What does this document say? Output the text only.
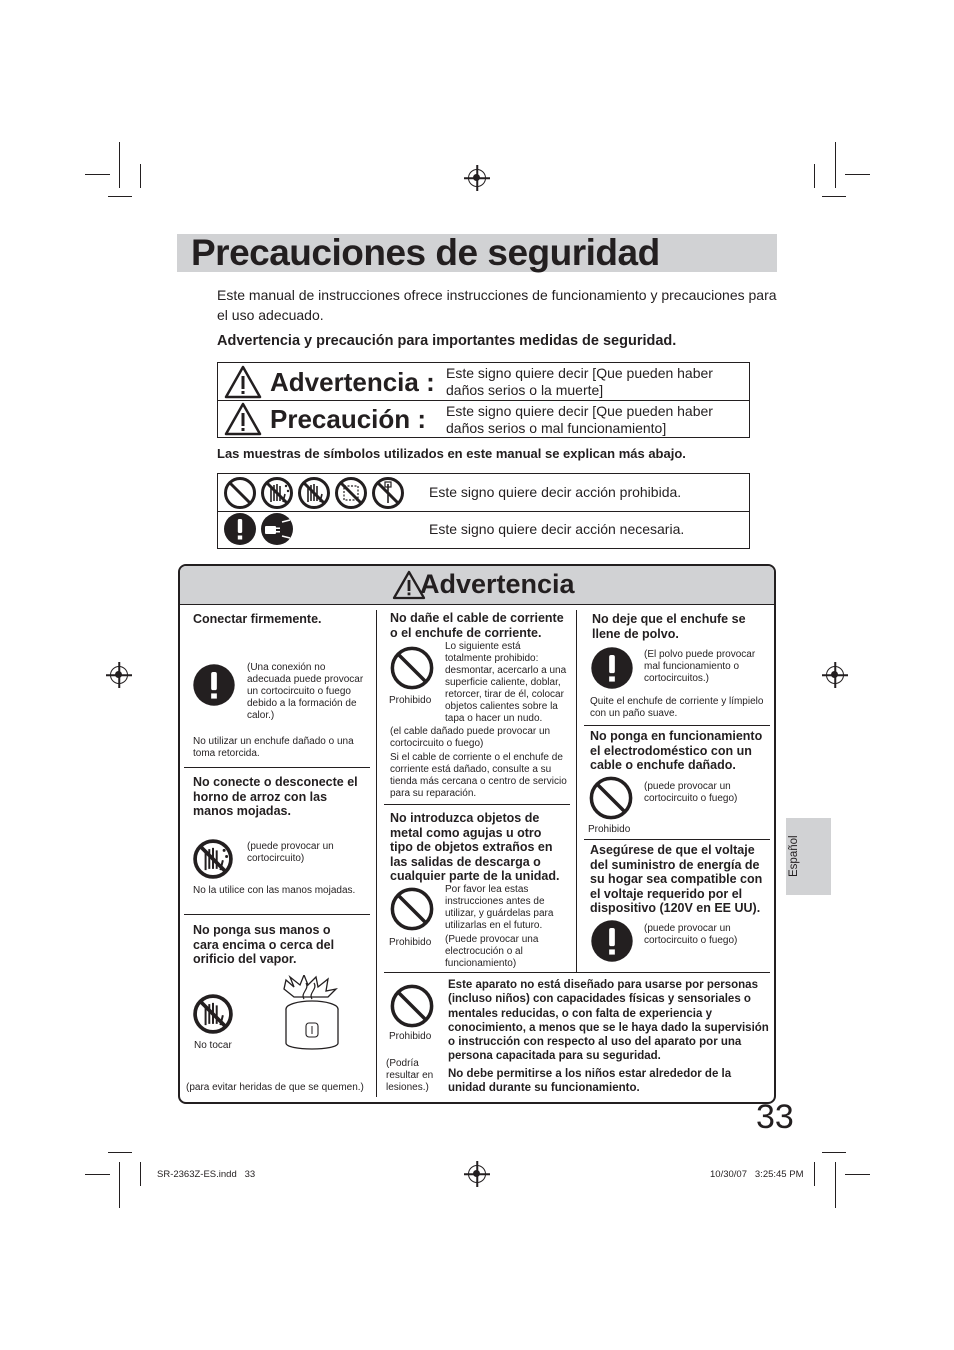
Precauciones de seguridad
Este manual de instrucciones ofrece instrucciones de funcionamiento y precauciones para el uso adecuado.
Advertencia y precaución para importantes medidas de seguridad.
Advertencia : Este signo quiere decir [Que pueden haber daños serios o la muerte]
Precaución : Este signo quiere decir [Que pueden haber daños serios o mal funcionamiento]
Las muestras de símbolos utilizados en este manual se explican más abajo.
Este signo quiere decir acción prohibida.
Este signo quiere decir acción necesaria.
Advertencia
Conectar firmemente.
(Una conexión no adecuada puede provocar un cortocircuito o fuego debido a la formación de calor.)
No utilizar un enchufe dañado o una toma retorcida.
No conecte o desconecte el horno de arroz con las manos mojadas.
(puede provocar un cortocircuito)
No la utilice con las manos mojadas.
No ponga sus manos o cara encima o cerca del orificio del vapor.
No tocar
(para evitar heridas de que se quemen.)
No dañe el cable de corriente o el enchufe de corriente.
Prohibido
Lo siguiente está totalmente prohibido: desmontar, acercarlo a una superficie caliente, doblar, retorcer, tirar de él, colocar objetos calientes sobre la tapa o hacer un nudo.
(el cable dañado puede provocar un cortocircuito o fuego)
Si el cable de corriente o el enchufe de corriente está dañado, consulte a su tienda más cercana o centro de servicio para su reparación.
No introduzca objetos de metal como agujas u otro tipo de objetos extraños en las salidas de descarga o cualquier parte de la unidad.
Prohibido
Por favor lea estas instrucciones antes de utilizar, y guárdelas para utilizarlas en el futuro.
(Puede provocar una electrocución o al funcionamiento)
No deje que el enchufe se llene de polvo.
(El polvo puede provocar mal funcionamiento o cortocircuitos.)
Quite el enchufe de corriente y límpielo con un paño suave.
No ponga en funcionamiento el electrodoméstico con un cable o enchufe dañado.
(puede provocar un cortocircuito o fuego)
Prohibido
Asegúrese de que el voltaje del suministro de energía de su hogar sea compatible con el voltaje requerido por el dispositivo (120V en EE UU).
(puede provocar un cortocircuito o fuego)
Prohibido
(Podría resultar en lesiones.)
Este aparato no está diseñado para usarse por personas (incluso niños) con capacidades físicas y sensoriales o mentales reducidas, o con falta de experiencia y conocimiento, a menos que se le haya dado la supervisión o instrucción con respecto al uso del aparato por una persona capacitada para su seguridad.
No debe permitirse a los niños estar alrededor de la unidad durante su funcionamiento.
Español
33
SR-2363Z-ES.indd   33	10/30/07   3:25:45 PM
